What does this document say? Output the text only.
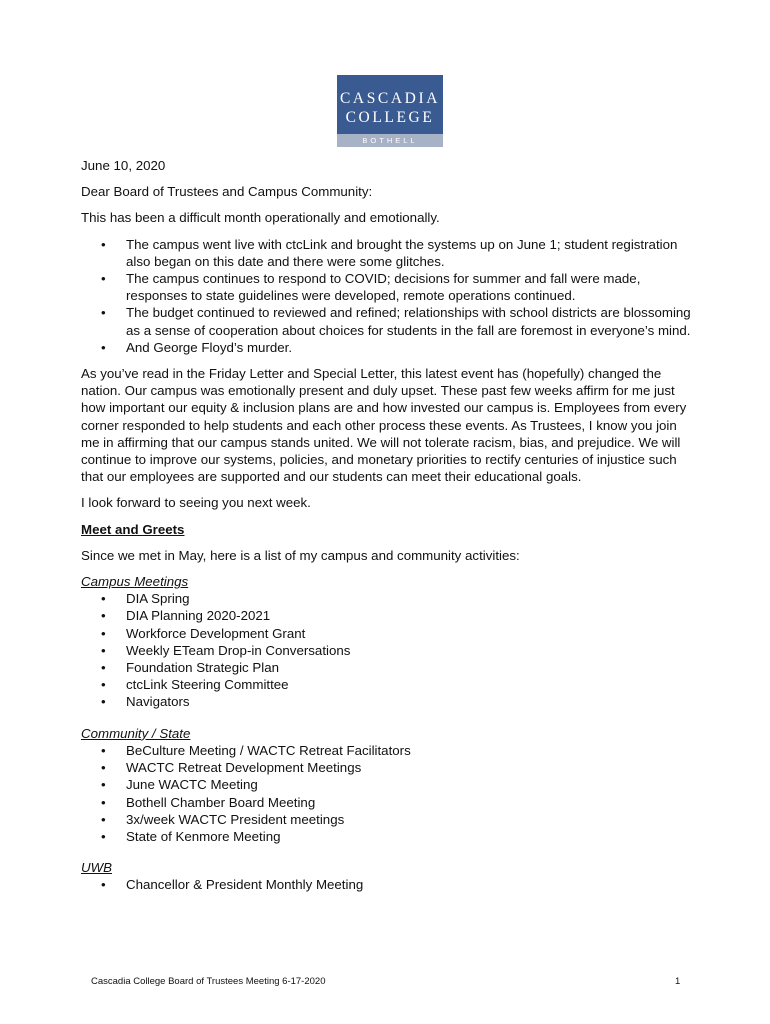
CASCADIA
COLLEGE
BOTHELL

June 10, 2020

Dear Board of Trustees and Campus Community:

This has been a difficult month operationally and emotionally.

• The campus went live with ctcLink and brought the systems up on June 1; student registration also began on this date and there were some glitches.
• The campus continues to respond to COVID; decisions for summer and fall were made, responses to state guidelines were developed, remote operations continued.
• The budget continued to reviewed and refined; relationships with school districts are blossoming as a sense of cooperation about choices for students in the fall are foremost in everyone’s mind.
• And George Floyd’s murder.

As you’ve read in the Friday Letter and Special Letter, this latest event has (hopefully) changed the nation. Our campus was emotionally present and duly upset. These past few weeks affirm for me just how important our equity & inclusion plans are and how invested our campus is. Employees from every corner responded to help students and each other process these events. As Trustees, I know you join me in affirming that our campus stands united. We will not tolerate racism, bias, and prejudice. We will continue to improve our systems, policies, and monetary priorities to rectify centuries of injustice such that our employees are supported and our students can meet their educational goals.

I look forward to seeing you next week.

Meet and Greets

Since we met in May, here is a list of my campus and community activities:

Campus Meetings
• DIA Spring
• DIA Planning 2020-2021
• Workforce Development Grant
• Weekly ETeam Drop-in Conversations
• Foundation Strategic Plan
• ctcLink Steering Committee
• Navigators
Community / State
• BeCulture Meeting / WACTC Retreat Facilitators
• WACTC Retreat Development Meetings
• June WACTC Meeting
• Bothell Chamber Board Meeting
• 3x/week WACTC President meetings
• State of Kenmore Meeting
UWB
• Chancellor & President Monthly Meeting
Cascadia College Board of Trustees Meeting 6-17-2020	1
